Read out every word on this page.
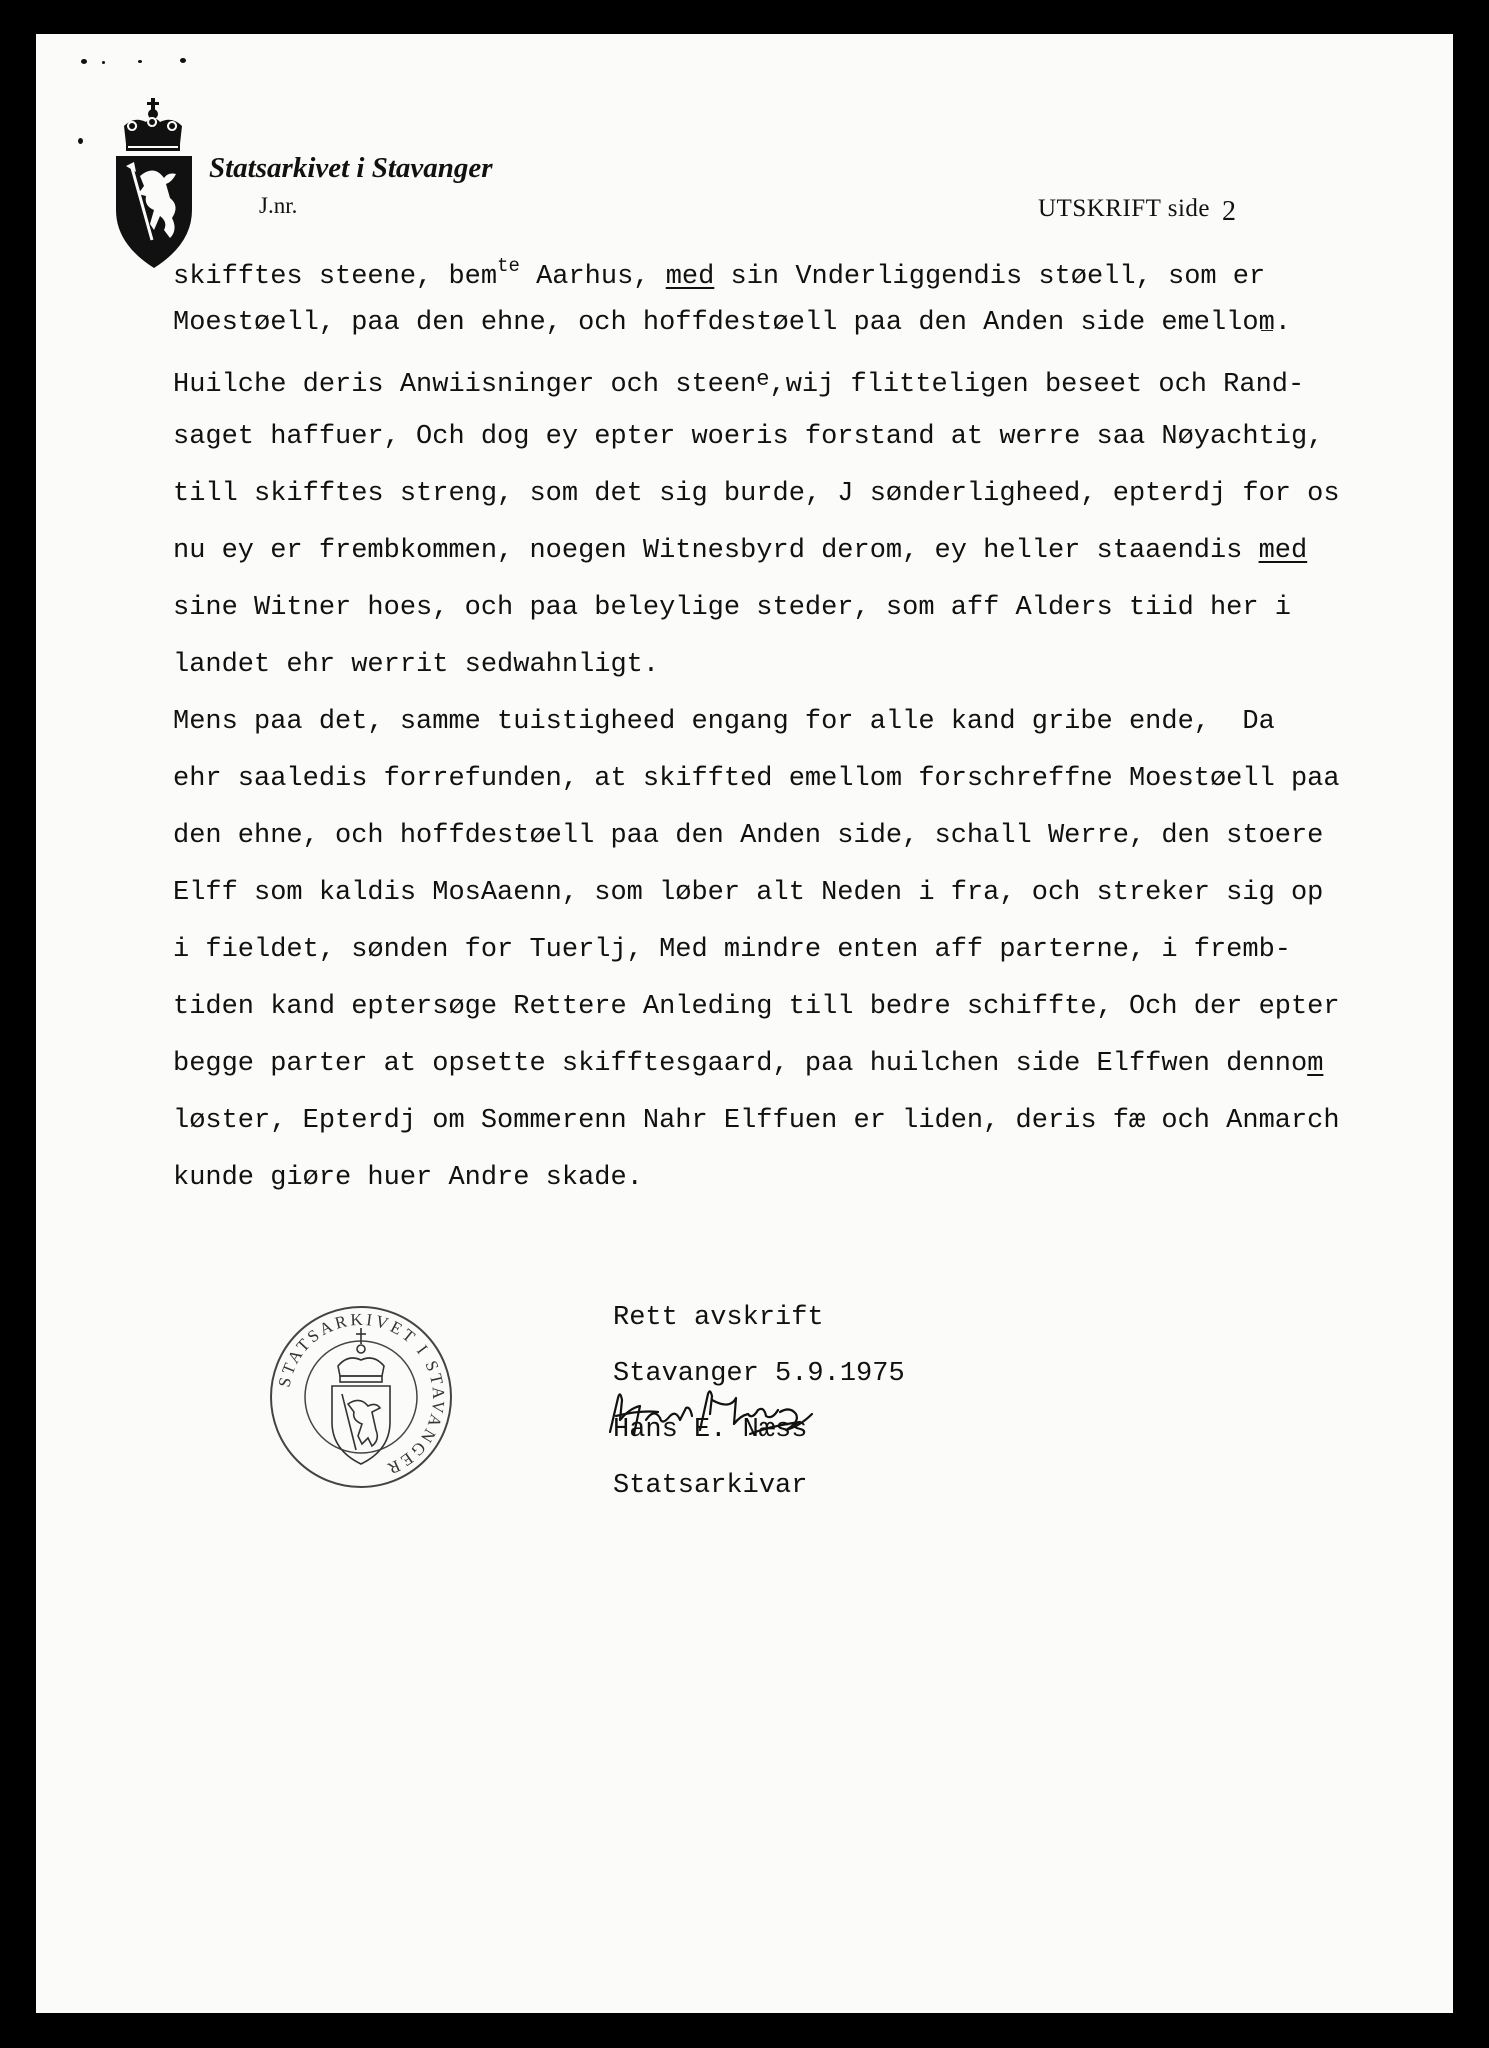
Statsarkivet i Stavanger
J.nr.	UTSKRIFT side 2
skifftes steene, bem$^{te}$ Aarhus, med sin Vnderliggendis støell, som er
Moestøell, paa den ehne, och hoffdestøell paa den Anden side emellom.
Huilche deris Anwiisninger och steen$^e$,wij flitteligen beseet och Rand-
saget haffuer, Och dog ey epter woeris forstand at werre saa Nøyachtig,
till skifftes streng, som det sig burde, J sønderligheed, epterdj for os
nu ey er frembkommen, noegen Witnesbyrd derom, ey heller staaendis med
sine Witner hoes, och paa beleylige steder, som aff Alders tiid her i
landet ehr werrit sedwahnligt.
Mens paa det, samme tuistigheed engang for alle kand gribe ende,  Da
ehr saaledis forrefunden, at skiffted emellom forschreffne Moestøell paa
den ehne, och hoffdestøell paa den Anden side, schall Werre, den stoere
Elff som kaldis MosAaenn, som løber alt Neden i fra, och streker sig op
i fieldet, sønden for Tuerlj, Med mindre enten aff parterne, i fremb-
tiden kand eptersøge Rettere Anleding till bedre schiffte, Och der epter
begge parter at opsette skifftesgaard, paa huilchen side Elffwen dennom
løster, Epterdj om Sommerenn Nahr Elffuen er liden, deris fæ och Anmarch
kunde giøre huer Andre skade.
STATSARKIVET I STAVANGER
Rett avskrift
Stavanger 5.9.1975
Hans E. Næss
Statsarkivar
